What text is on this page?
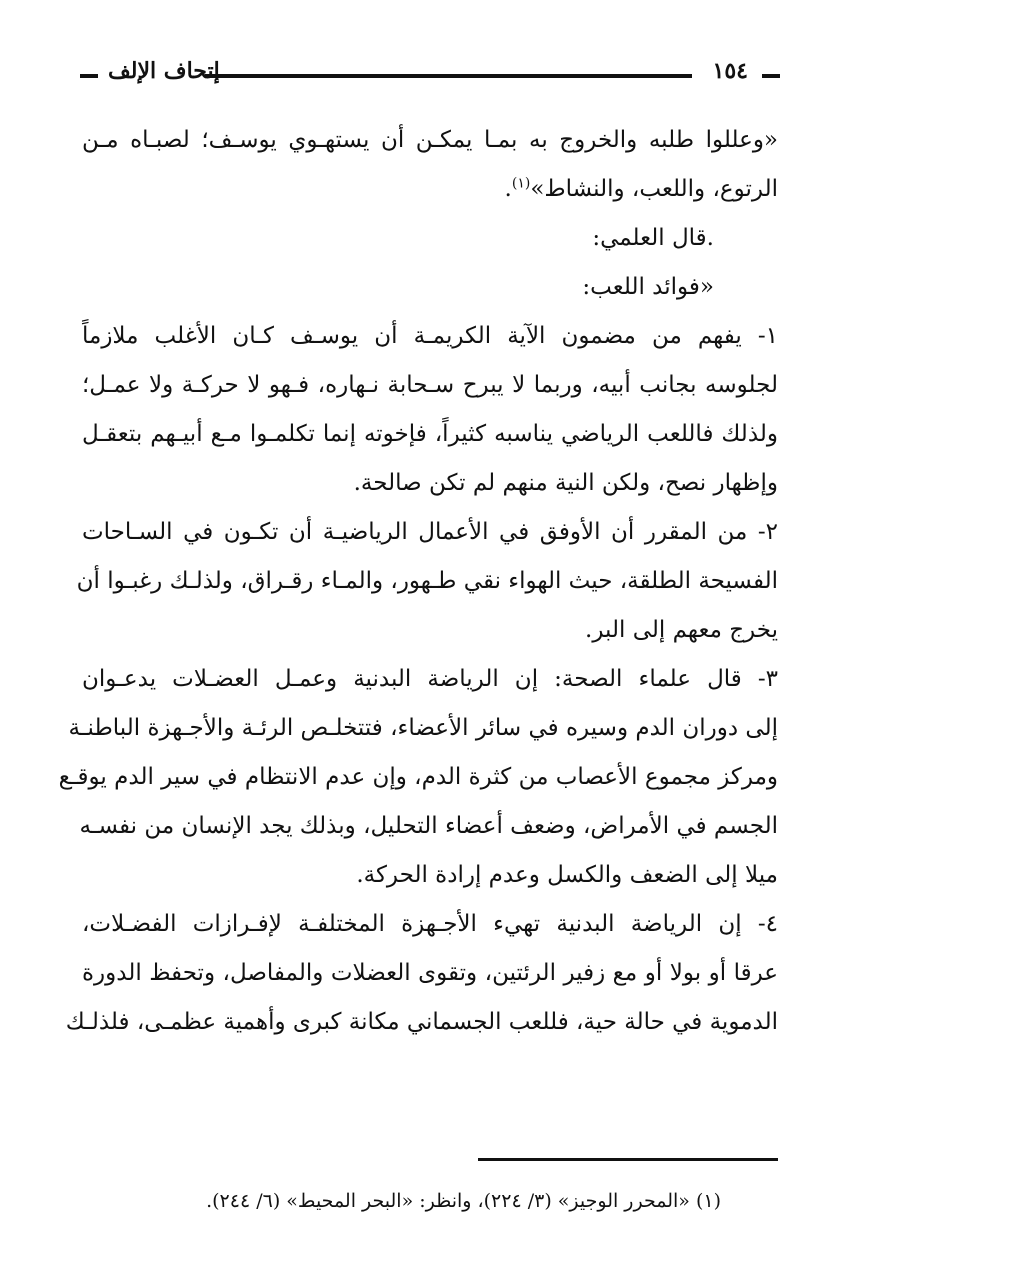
١٥٤
إتحاف الإلف
«وعللوا طلبه والخروج به بمـا يمكـن أن يستهـوي يوسـف؛ لصبـاه مـن
الرتوع، واللعب، والنشاط»$^{(١)}$.
.قال العلمي:
«فوائد اللعب:
١- يفهم من مضمون الآية الكريمـة أن يوسـف كـان الأغلب ملازماً
لجلوسه بجانب أبيه، وربما لا يبرح سـحابة نـهاره، فـهو لا حركـة ولا عمـل؛
ولذلك فاللعب الرياضي يناسبه كثيراً، فإخوته إنما تكلمـوا مـع أبيـهم بتعقـل
وإظهار نصح، ولكن النية منهم لم تكن صالحة.
٢- من المقرر أن الأوفق في الأعمال الرياضيـة أن تكـون في السـاحات
الفسيحة الطلقة، حيث الهواء نقي طـهور، والمـاء رقـراق، ولذلـك رغبـوا أن
يخرج معهم إلى البر.
٣- قال علماء الصحة: إن الرياضة البدنية وعمـل العضـلات يدعـوان
إلى دوران الدم وسيره في سائر الأعضاء، فتتخلـص الرئـة والأجـهزة الباطنـة
ومركز مجموع الأعصاب من كثرة الدم، وإن عدم الانتظام في سير الدم يوقـع
الجسم في الأمراض، وضعف أعضاء التحليل، وبذلك يجد الإنسان من نفسـه
ميلا إلى الضعف والكسل وعدم إرادة الحركة.
٤- إن الرياضة البدنية تهيء الأجـهزة المختلفـة لإفـرازات الفضـلات،
عرقا أو بولا أو مع زفير الرئتين، وتقوى العضلات والمفاصل، وتحفظ الدورة
الدموية في حالة حية، فللعب الجسماني مكانة كبرى وأهمية عظمـى، فلذلـك
(١) «المحرر الوجيز» (٣/ ٢٢٤)، وانظر: «البحر المحيط» (٦/ ٢٤٤).
